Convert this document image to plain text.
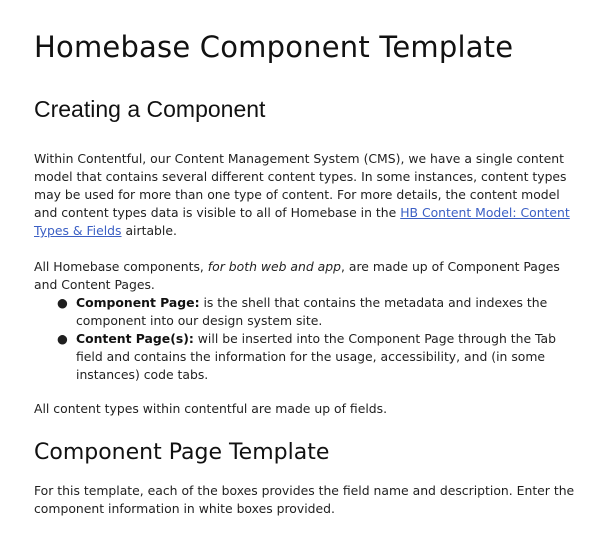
Homebase Component Template
Creating a Component

Within Contentful, our Content Management System (CMS), we have a single content model that contains several different content types. In some instances, content types may be used for more than one type of content. For more details, the content model and content types data is visible to all of Homebase in the HB Content Model: Content Types & Fields airtable.

All Homebase components, for both web and app, are made up of Component Pages and Content Pages.

● Component Page: is the shell that contains the metadata and indexes the component into our design system site.
● Content Page(s): will be inserted into the Component Page through the Tab field and contains the information for the usage, accessibility, and (in some instances) code tabs.

All content types within contentful are made up of fields.

Component Page Template

For this template, each of the boxes provides the field name and description. Enter the component information in white boxes provided.
